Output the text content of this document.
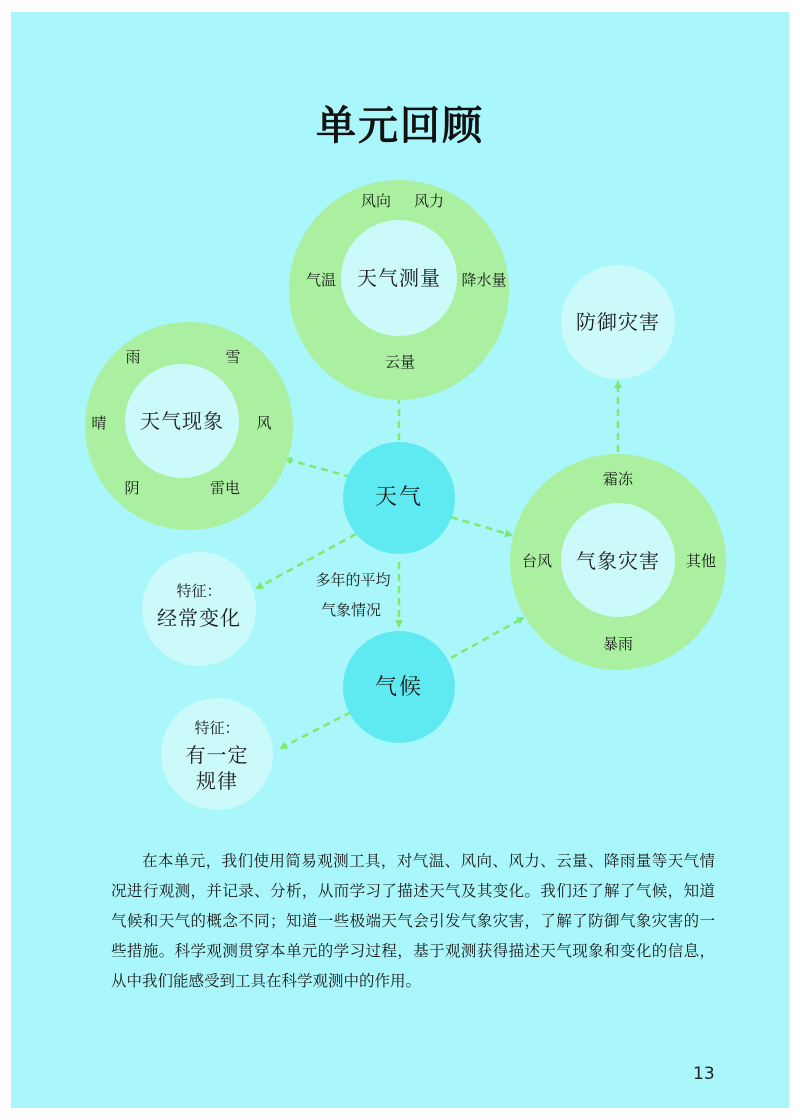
单元回顾
天气测量
风向 风力
气温	降水量
云量
天气现象
雨	雪
晴	风
阴	雷电
气象灾害
霜冻
台风	其他
暴雨
防御灾害
天气
气候
多年的平均
气象情况
特征：
经常变化
特征：
有一定
规律

在本单元，我们使用简易观测工具，对气温、风向、风力、云量、降雨量等天气情况进行观测，并记录、分析，从而学习了描述天气及其变化。我们还了解了气候，知道气候和天气的概念不同；知道一些极端天气会引发气象灾害，了解了防御气象灾害的一些措施。科学观测贯穿本单元的学习过程，基于观测获得描述天气现象和变化的信息，从中我们能感受到工具在科学观测中的作用。

13
